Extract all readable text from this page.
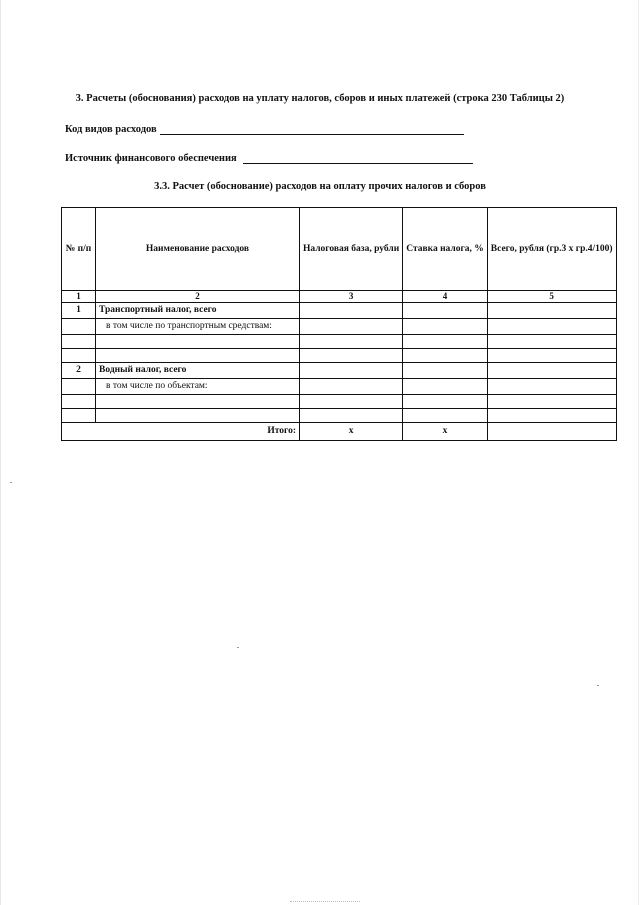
3. Расчеты (обоснования) расходов на уплату налогов, сборов и иных платежей (строка 230 Таблицы 2)
Код видов расходов
Источник финансового обеспечения
3.3. Расчет (обоснование) расходов на оплату прочих налогов и сборов
№ п/п	Наименование расходов	Налоговая база, рубли	Ставка налога, %	Всего, рубля (гр.3 х гр.4/100)
1	2	3	4	5
1	Транспортный налог, всего			
	в том числе по транспортным средствам:			

2	Водный налог, всего			
	в том числе по объектам:			

Итого:		x	x	
